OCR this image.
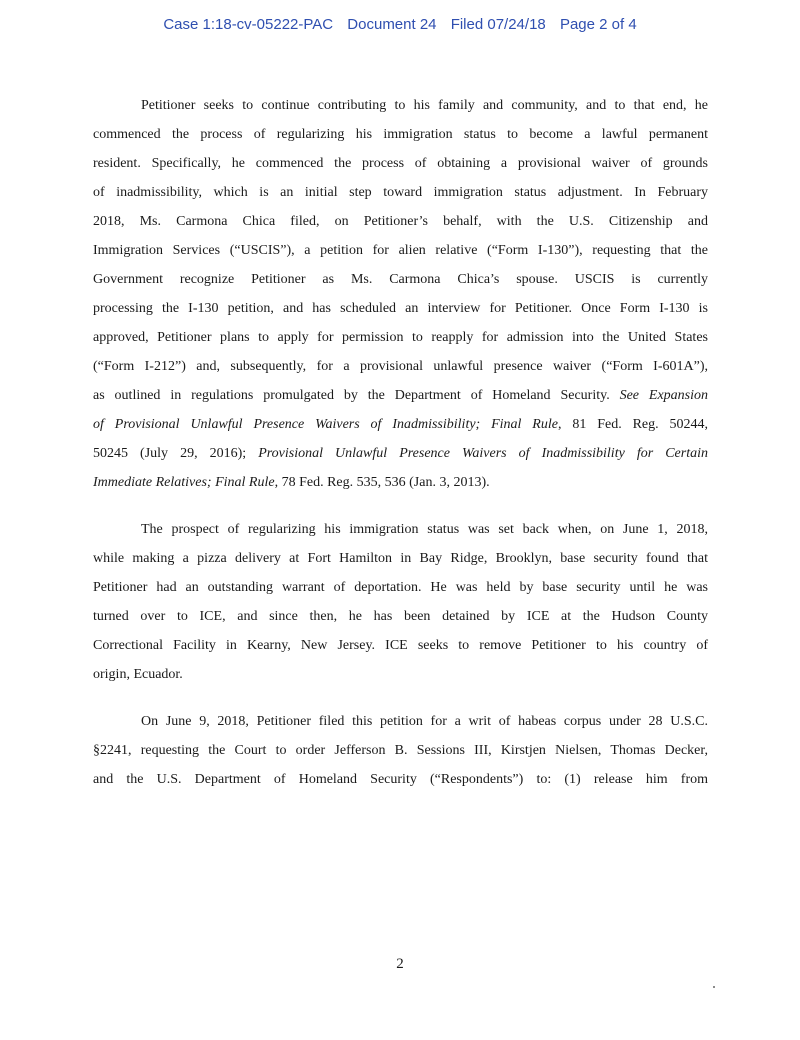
Case 1:18-cv-05222-PAC Document 24 Filed 07/24/18 Page 2 of 4

Petitioner seeks to continue contributing to his family and community, and to that end, he
commenced the process of regularizing his immigration status to become a lawful permanent
resident. Specifically, he commenced the process of obtaining a provisional waiver of grounds
of inadmissibility, which is an initial step toward immigration status adjustment. In February
2018, Ms. Carmona Chica filed, on Petitioner’s behalf, with the U.S. Citizenship and
Immigration Services (“USCIS”), a petition for alien relative (“Form I-130”), requesting that the
Government recognize Petitioner as Ms. Carmona Chica’s spouse. USCIS is currently
processing the I-130 petition, and has scheduled an interview for Petitioner. Once Form I-130 is
approved, Petitioner plans to apply for permission to reapply for admission into the United States
(“Form I-212”) and, subsequently, for a provisional unlawful presence waiver (“Form I-601A”),
as outlined in regulations promulgated by the Department of Homeland Security. See Expansion
of Provisional Unlawful Presence Waivers of Inadmissibility; Final Rule, 81 Fed. Reg. 50244,
50245 (July 29, 2016); Provisional Unlawful Presence Waivers of Inadmissibility for Certain
Immediate Relatives; Final Rule, 78 Fed. Reg. 535, 536 (Jan. 3, 2013).

The prospect of regularizing his immigration status was set back when, on June 1, 2018,
while making a pizza delivery at Fort Hamilton in Bay Ridge, Brooklyn, base security found that
Petitioner had an outstanding warrant of deportation. He was held by base security until he was
turned over to ICE, and since then, he has been detained by ICE at the Hudson County
Correctional Facility in Kearny, New Jersey. ICE seeks to remove Petitioner to his country of
origin, Ecuador.

On June 9, 2018, Petitioner filed this petition for a writ of habeas corpus under 28 U.S.C.
§2241, requesting the Court to order Jefferson B. Sessions III, Kirstjen Nielsen, Thomas Decker,
and the U.S. Department of Homeland Security (“Respondents”) to: (1) release him from

2
